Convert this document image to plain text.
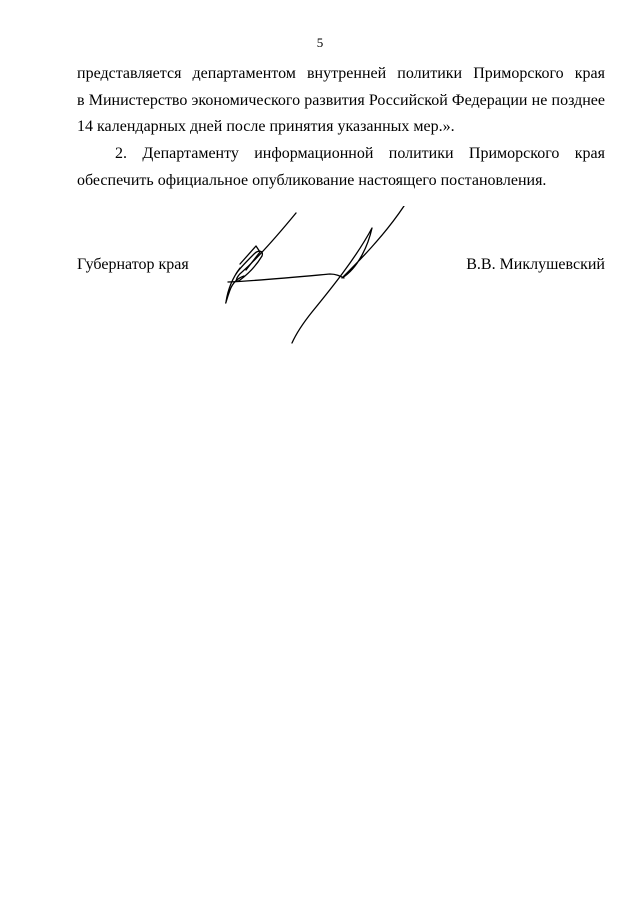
5
представляется департаментом внутренней политики Приморского края
в Министерство экономического развития Российской Федерации не позднее
14 календарных дней после принятия указанных мер.».
2. Департаменту информационной политики Приморского края
обеспечить официальное опубликование настоящего постановления.
Губернатор края	В.В. Миклушевский
